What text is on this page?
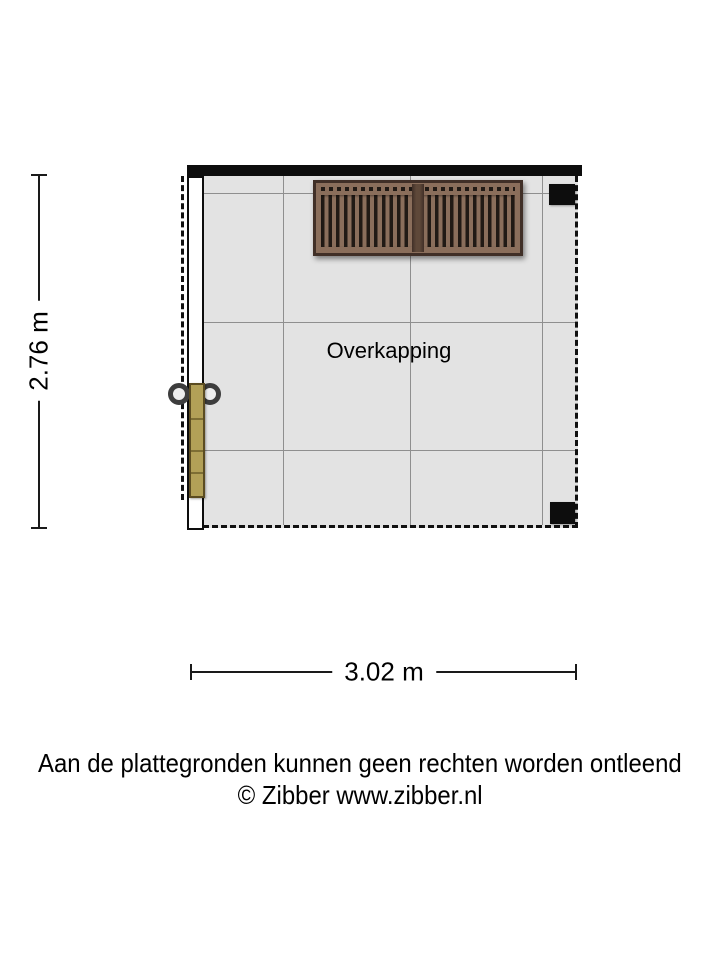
Overkapping
2.76 m
3.02 m
Aan de plattegronden kunnen geen rechten worden ontleend
© Zibber www.zibber.nl
